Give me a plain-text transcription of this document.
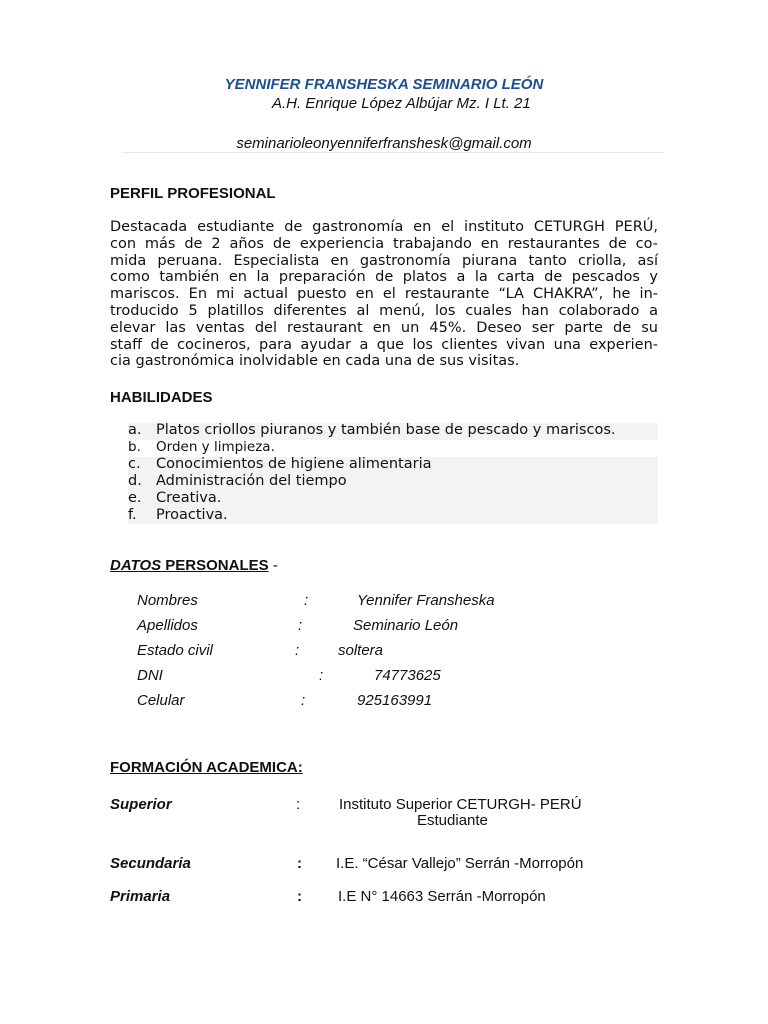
YENNIFER FRANSHESKA SEMINARIO LEÓN
A.H. Enrique López Albújar Mz. I Lt. 21
seminarioleonyenniferfranshesk@gmail.com
PERFIL PROFESIONAL
Destacada estudiante de gastronomía en el instituto CETURGH PERÚ,
con más de 2 años de experiencia trabajando en restaurantes de co-
mida peruana. Especialista en gastronomía piurana tanto criolla, así
como también en la preparación de platos a la carta de pescados y
mariscos. En mi actual puesto en el restaurante “LA CHAKRA”, he in-
troducido 5 platillos diferentes al menú, los cuales han colaborado a
elevar las ventas del restaurant en un 45%. Deseo ser parte de su
staff de cocineros, para ayudar a que los clientes vivan una experien-
cia gastronómica inolvidable en cada una de sus visitas.
HABILIDADES
a. Platos criollos piuranos y también base de pescado y mariscos.
b. Orden y limpieza.
c. Conocimientos de higiene alimentaria
d. Administración del tiempo
e. Creativa.
f. Proactiva.
DATOS PERSONALES -
Nombres	:	Yennifer Fransheska
Apellidos	:	Seminario León
Estado civil	:	soltera
DNI	:	74773625
Celular	:	925163991
FORMACIÓN ACADEMICA:
Superior	:	Instituto Superior CETURGH- PERÚ
Estudiante
Secundaria	: I.E. “César Vallejo” Serrán -Morropón
Primaria	: I.E N° 14663 Serrán -Morropón
